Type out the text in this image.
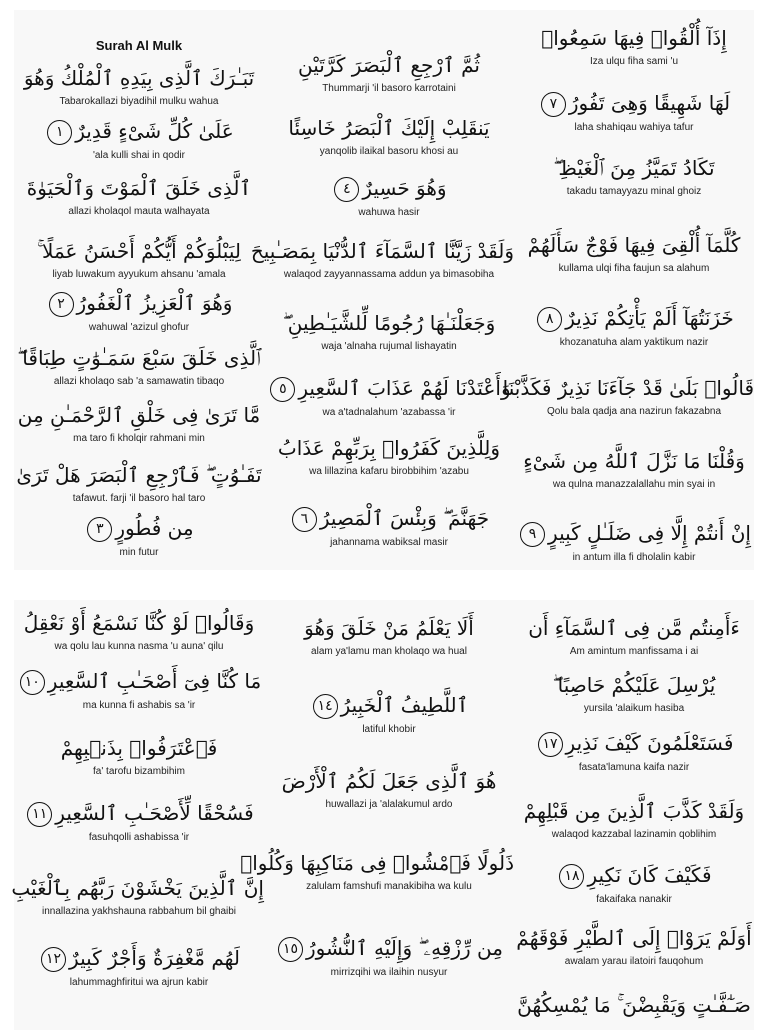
Surah Al Mulk
تَبَـٰرَكَ ٱلَّذِى بِيَدِهِ ٱلْمُلْكُ وَهُوَ
Tabarokallazi biyadihil mulku wahua
عَلَىٰ كُلِّ شَىْءٍ قَدِيرٌ١
'ala kulli shai in qodir
ٱلَّذِى خَلَقَ ٱلْمَوْتَ وَٱلْحَيَوٰةَ
allazi kholaqol mauta walhayata
لِيَبْلُوَكُمْ أَيُّكُمْ أَحْسَنُ عَمَلًا ۚ
liyab luwakum ayyukum ahsanu 'amala
وَهُوَ ٱلْعَزِيزُ ٱلْغَفُورُ٢
wahuwal 'azizul ghofur
ٱلَّذِى خَلَقَ سَبْعَ سَمَـٰوَٰتٍ طِبَاقًا ۖ
allazi kholaqo sab 'a samawatin tibaqo
مَّا تَرَىٰ فِى خَلْقِ ٱلرَّحْمَـٰنِ مِن
ma taro fi kholqir rahmani min
تَفَـٰوُتٍ ۖ فَٱرْجِعِ ٱلْبَصَرَ هَلْ تَرَىٰ
tafawut. farji 'il basoro hal taro
مِن فُطُورٍ٣
min futur
ثُمَّ ٱرْجِعِ ٱلْبَصَرَ كَرَّتَيْنِ
Thummarji 'il basoro karrotaini
يَنقَلِبْ إِلَيْكَ ٱلْبَصَرُ خَاسِئًا
yanqolib ilaikal basoru khosi au
وَهُوَ حَسِيرٌ٤
wahuwa hasir
وَلَقَدْ زَيَّنَّا ٱلسَّمَآءَ ٱلدُّنْيَا بِمَصَـٰبِيحَ
walaqod zayyannassama addun ya bimasobiha
وَجَعَلْنَـٰهَا رُجُومًا لِّلشَّيَـٰطِينِ ۖ
waja 'alnaha rujumal lishayatin
وَأَعْتَدْنَا لَهُمْ عَذَابَ ٱلسَّعِيرِ٥
wa a'tadnalahum 'azabassa 'ir
وَلِلَّذِينَ كَفَرُوا۟ بِرَبِّهِمْ عَذَابُ
wa lillazina kafaru birobbihim 'azabu
جَهَنَّمَ ۖ وَبِئْسَ ٱلْمَصِيرُ٦
jahannama wabiksal masir
إِذَآ أُلْقُوا۟ فِيهَا سَمِعُوا۟
Iza ulqu fiha sami 'u
لَهَا شَهِيقًا وَهِىَ تَفُورُ٧
laha shahiqau wahiya tafur
تَكَادُ تَمَيَّزُ مِنَ ٱلْغَيْظِ ۖ
takadu tamayyazu minal ghoiz
كُلَّمَآ أُلْقِىَ فِيهَا فَوْجٌ سَأَلَهُمْ
kullama ulqi fiha faujun sa alahum
خَزَنَتُهَآ أَلَمْ يَأْتِكُمْ نَذِيرٌ٨
khozanatuha alam yaktikum nazir
قَالُوا۟ بَلَىٰ قَدْ جَآءَنَا نَذِيرٌ فَكَذَّبْنَا
Qolu bala qadja ana nazirun fakazabna
وَقُلْنَا مَا نَزَّلَ ٱللَّهُ مِن شَىْءٍ
wa qulna manazzalallahu min syai in
إِنْ أَنتُمْ إِلَّا فِى ضَلَـٰلٍ كَبِيرٍ٩
in antum illa fi dholalin kabir
وَقَالُوا۟ لَوْ كُنَّا نَسْمَعُ أَوْ نَعْقِلُ
wa qolu lau kunna nasma 'u auna' qilu
مَا كُنَّا فِىٓ أَصْحَـٰبِ ٱلسَّعِيرِ١٠
ma kunna fi ashabis sa 'ir
فَٱعْتَرَفُوا۟ بِذَنۢبِهِمْ
fa' tarofu bizambihim
فَسُحْقًا لِّأَصْحَـٰبِ ٱلسَّعِيرِ١١
fasuhqolli ashabissa 'ir
إِنَّ ٱلَّذِينَ يَخْشَوْنَ رَبَّهُم بِٱلْغَيْبِ
innallazina yakhshauna rabbahum bil ghaibi
لَهُم مَّغْفِرَةٌ وَأَجْرٌ كَبِيرٌ١٢
lahummaghfiritui wa ajrun kabir
أَلَا يَعْلَمُ مَنْ خَلَقَ وَهُوَ
alam ya'lamu man kholaqo wa hual
ٱللَّطِيفُ ٱلْخَبِيرُ١٤
latiful khobir
هُوَ ٱلَّذِى جَعَلَ لَكُمُ ٱلْأَرْضَ
huwallazi ja 'alalakumul ardo
ذَلُولًا فَٱمْشُوا۟ فِى مَنَاكِبِهَا وَكُلُوا۟
zalulam famshufi manakibiha wa kulu
مِن رِّزْقِهِۦ ۖ وَإِلَيْهِ ٱلنُّشُورُ١٥
mirrizqihi wa ilaihin nusyur
ءَأَمِنتُم مَّن فِى ٱلسَّمَآءِ أَن
Am amintum manfissama i ai
يُرْسِلَ عَلَيْكُمْ حَاصِبًا ۖ
yursila 'alaikum hasiba
فَسَتَعْلَمُونَ كَيْفَ نَذِيرِ١٧
fasata'lamuna kaifa nazir
وَلَقَدْ كَذَّبَ ٱلَّذِينَ مِن قَبْلِهِمْ
walaqod kazzabal lazinamin qoblihim
فَكَيْفَ كَانَ نَكِيرِ١٨
fakaifaka nanakir
أَوَلَمْ يَرَوْا۟ إِلَى ٱلطَّيْرِ فَوْقَهُمْ
awalam yarau ilatoiri fauqohum
صَـٰٓفَّـٰتٍ وَيَقْبِضْنَ ۚ مَا يُمْسِكُهُنَّ
